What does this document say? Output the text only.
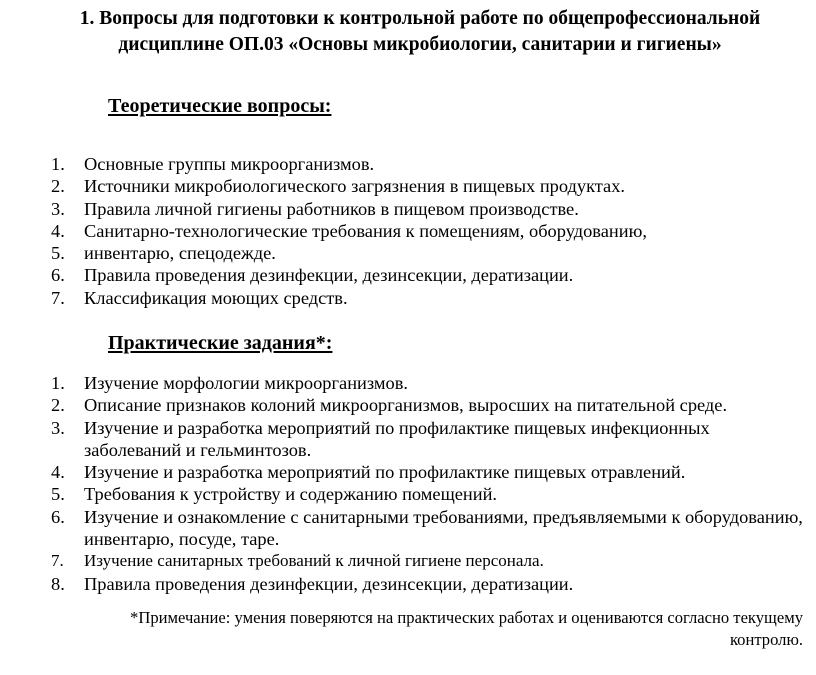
1. Вопросы для подготовки к контрольной работе по общепрофессиональной
дисциплине ОП.03 «Основы микробиологии, санитарии и гигиены»
Теоретические вопросы:
1. Основные группы микроорганизмов.
2. Источники микробиологического загрязнения в пищевых продуктах.
3. Правила личной гигиены работников в пищевом производстве.
4. Санитарно-технологические требования к помещениям, оборудованию,
5. инвентарю, спецодежде.
6. Правила проведения дезинфекции, дезинсекции, дератизации.
7. Классификация моющих средств.
Практические задания*:
1. Изучение морфологии микроорганизмов.
2. Описание признаков колоний микроорганизмов, выросших на питательной среде.
3. Изучение и разработка мероприятий по профилактике пищевых инфекционных заболеваний и гельминтозов.
4. Изучение и разработка мероприятий по профилактике пищевых отравлений.
5. Требования к устройству и содержанию помещений.
6. Изучение и ознакомление с санитарными требованиями, предъявляемыми к оборудованию, инвентарю, посуде, таре.
7. Изучение санитарных требований к личной гигиене персонала.
8. Правила проведения дезинфекции, дезинсекции, дератизации.
*Примечание: умения поверяются на практических работах и оцениваются согласно текущему
контролю.
